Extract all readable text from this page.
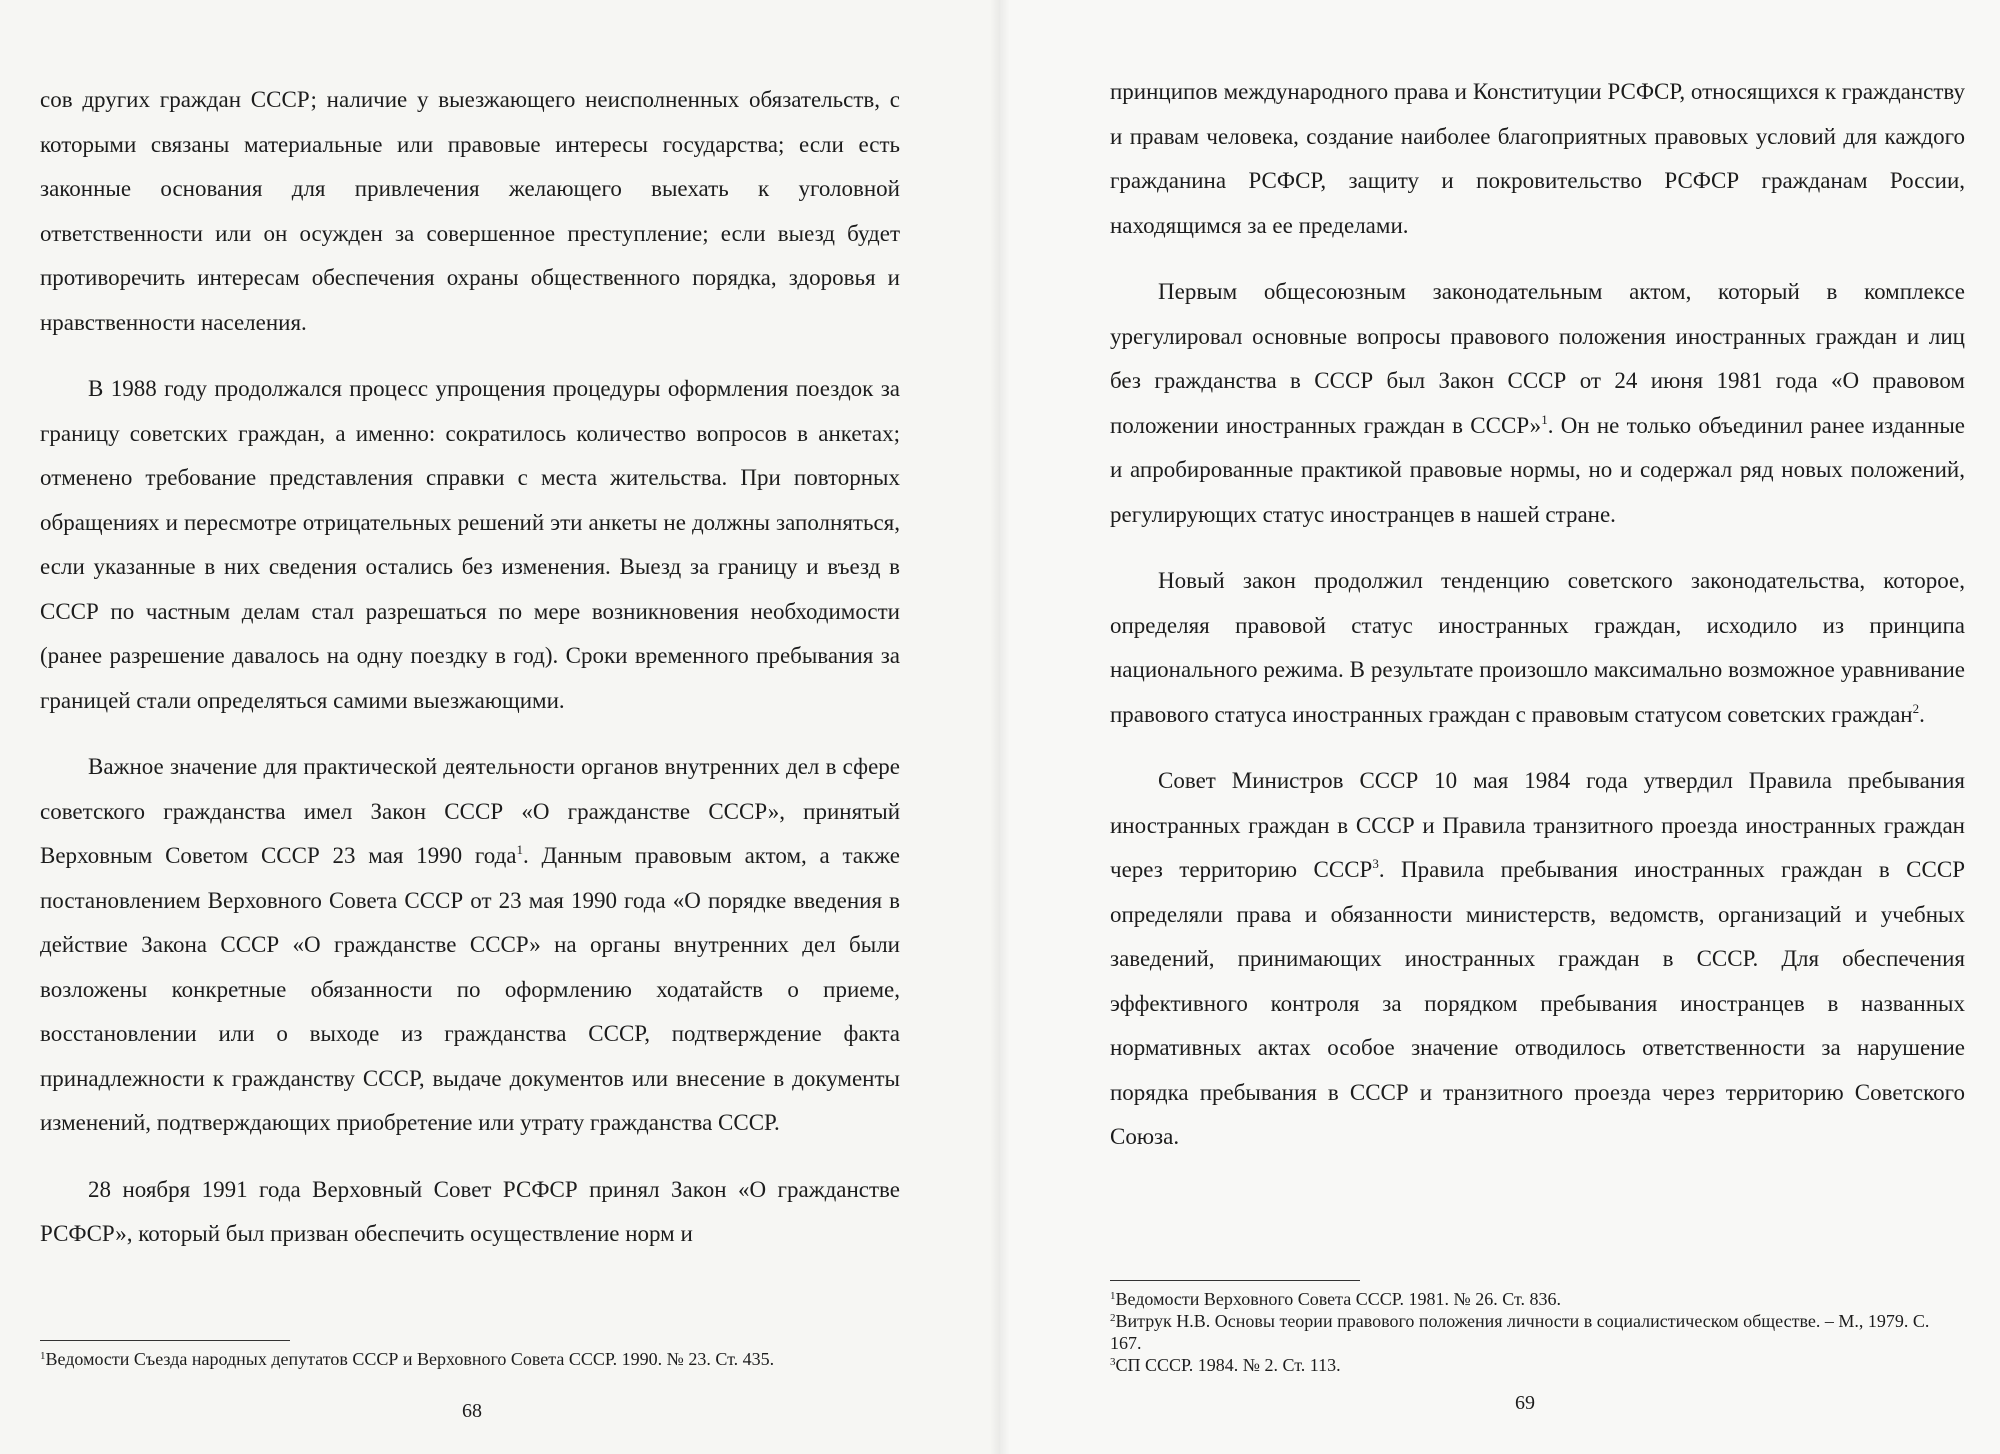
сов других граждан СССР; наличие у выезжающего неисполненных обязательств, с которыми связаны материальные или правовые интересы государства; если есть законные основания для привлечения желающего выехать к уголовной ответственности или он осужден за совершенное преступление; если выезд будет противоречить интересам обеспечения охраны общественного порядка, здоровья и нравственности населения.

В 1988 году продолжался процесс упрощения процедуры оформления поездок за границу советских граждан, а именно: сократилось количество вопросов в анкетах; отменено требование представления справки с места жительства. При повторных обращениях и пересмотре отрицательных решений эти анкеты не должны заполняться, если указанные в них сведения остались без изменения. Выезд за границу и въезд в СССР по частным делам стал разрешаться по мере возникновения необходимости (ранее разрешение давалось на одну поездку в год). Сроки временного пребывания за границей стали определяться самими выезжающими.

Важное значение для практической деятельности органов внутренних дел в сфере советского гражданства имел Закон СССР «О гражданстве СССР», принятый Верховным Советом СССР 23 мая 1990 года$^1$. Данным правовым актом, а также постановлением Верховного Совета СССР от 23 мая 1990 года «О порядке введения в действие Закона СССР «О гражданстве СССР» на органы внутренних дел были возложены конкретные обязанности по оформлению ходатайств о приеме, восстановлении или о выходе из гражданства СССР, подтверждение факта принадлежности к гражданству СССР, выдаче документов или внесение в документы изменений, подтверждающих приобретение или утрату гражданства СССР.

28 ноября 1991 года Верховный Совет РСФСР принял Закон «О гражданстве РСФСР», который был призван обеспечить осуществление норм и

$^1$Ведомости Съезда народных депутатов СССР и Верховного Совета СССР. 1990. № 23. Ст. 435.
68

принципов международного права и Конституции РСФСР, относящихся к гражданству и правам человека, создание наиболее благоприятных правовых условий для каждого гражданина РСФСР, защиту и покровительство РСФСР гражданам России, находящимся за ее пределами.

Первым общесоюзным законодательным актом, который в комплексе урегулировал основные вопросы правового положения иностранных граждан и лиц без гражданства в СССР был Закон СССР от 24 июня 1981 года «О правовом положении иностранных граждан в СССР»$^1$. Он не только объединил ранее изданные и апробированные практикой правовые нормы, но и содержал ряд новых положений, регулирующих статус иностранцев в нашей стране.

Новый закон продолжил тенденцию советского законодательства, которое, определяя правовой статус иностранных граждан, исходило из принципа национального режима. В результате произошло максимально возможное уравнивание правового статуса иностранных граждан с правовым статусом советских граждан$^2$.

Совет Министров СССР 10 мая 1984 года утвердил Правила пребывания иностранных граждан в СССР и Правила транзитного проезда иностранных граждан через территорию СССР$^3$. Правила пребывания иностранных граждан в СССР определяли права и обязанности министерств, ведомств, организаций и учебных заведений, принимающих иностранных граждан в СССР. Для обеспечения эффективного контроля за порядком пребывания иностранцев в названных нормативных актах особое значение отводилось ответственности за нарушение порядка пребывания в СССР и транзитного проезда через территорию Советского Союза.

$^1$Ведомости Верховного Совета СССР. 1981. № 26. Ст. 836.
$^2$Витрук Н.В. Основы теории правового положения личности в социалистическом обществе. – М., 1979. С. 167.
$^3$СП СССР. 1984. № 2. Ст. 113.
69
